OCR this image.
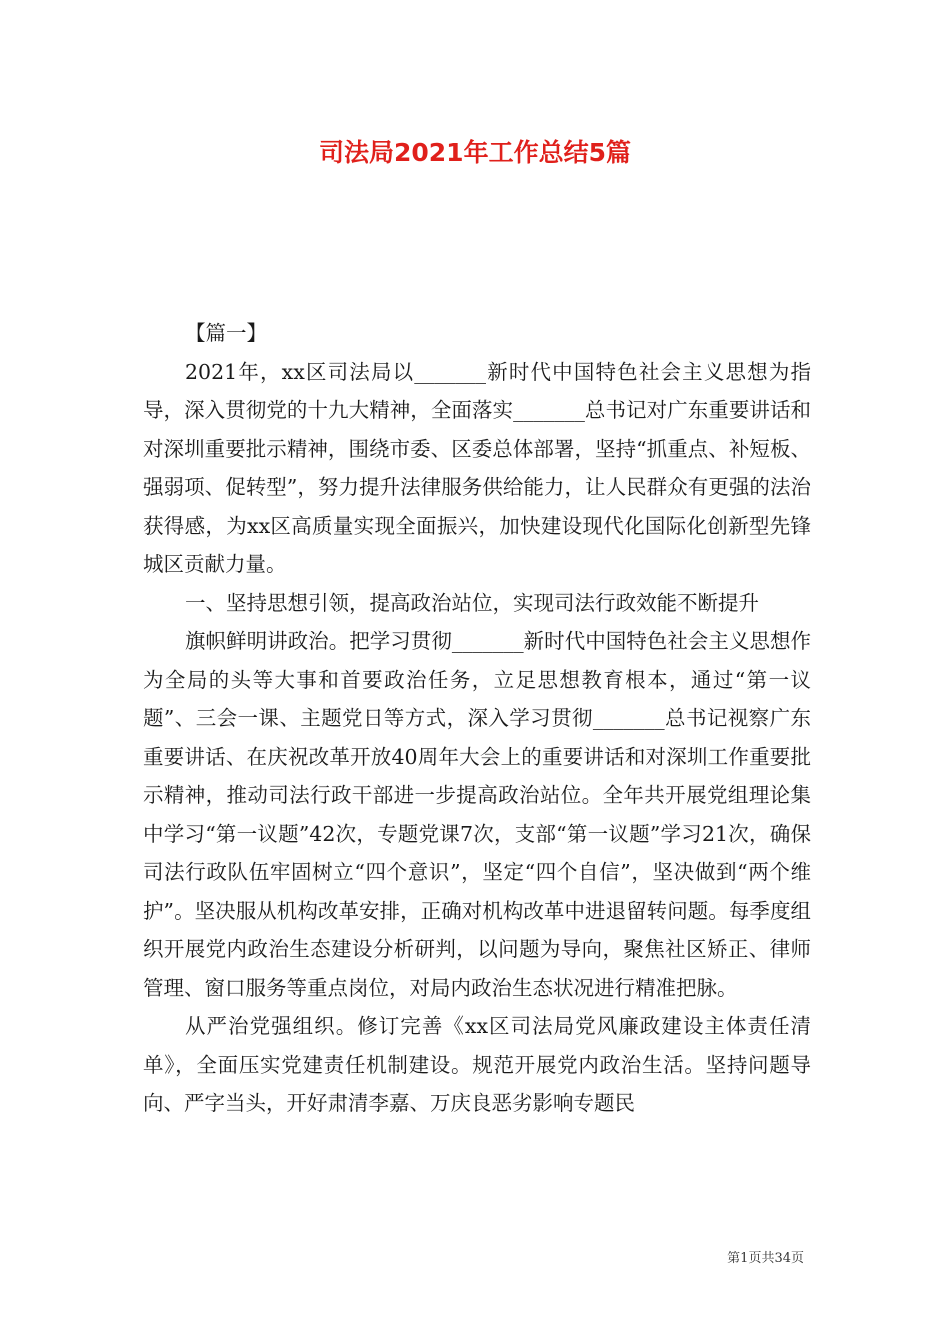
司法局2021年工作总结5篇

【篇一】

2021年，xx区司法局以_______新时代中国特色社会主义思想为指导，深入贯彻党的十九大精神，全面落实_______总书记对广东重要讲话和对深圳重要批示精神，围绕市委、区委总体部署，坚持“抓重点、补短板、强弱项、促转型”，努力提升法律服务供给能力，让人民群众有更强的法治获得感，为xx区高质量实现全面振兴，加快建设现代化国际化创新型先锋城区贡献力量。

一、坚持思想引领，提高政治站位，实现司法行政效能不断提升

旗帜鲜明讲政治。把学习贯彻_______新时代中国特色社会主义思想作为全局的头等大事和首要政治任务，立足思想教育根本，通过“第一议题”、三会一课、主题党日等方式，深入学习贯彻_______总书记视察广东重要讲话、在庆祝改革开放40周年大会上的重要讲话和对深圳工作重要批示精神，推动司法行政干部进一步提高政治站位。全年共开展党组理论集中学习“第一议题”42次，专题党课7次，支部“第一议题”学习21次，确保司法行政队伍牢固树立“四个意识”，坚定“四个自信”，坚决做到“两个维护”。坚决服从机构改革安排，正确对机构改革中进退留转问题。每季度组织开展党内政治生态建设分析研判，以问题为导向，聚焦社区矫正、律师管理、窗口服务等重点岗位，对局内政治生态状况进行精准把脉。

从严治党强组织。修订完善《xx区司法局党风廉政建设主体责任清单》，全面压实党建责任机制建设。规范开展党内政治生活。坚持问题导向、严字当头，开好肃清李嘉、万庆良恶劣影响专题民

第1页共34页
